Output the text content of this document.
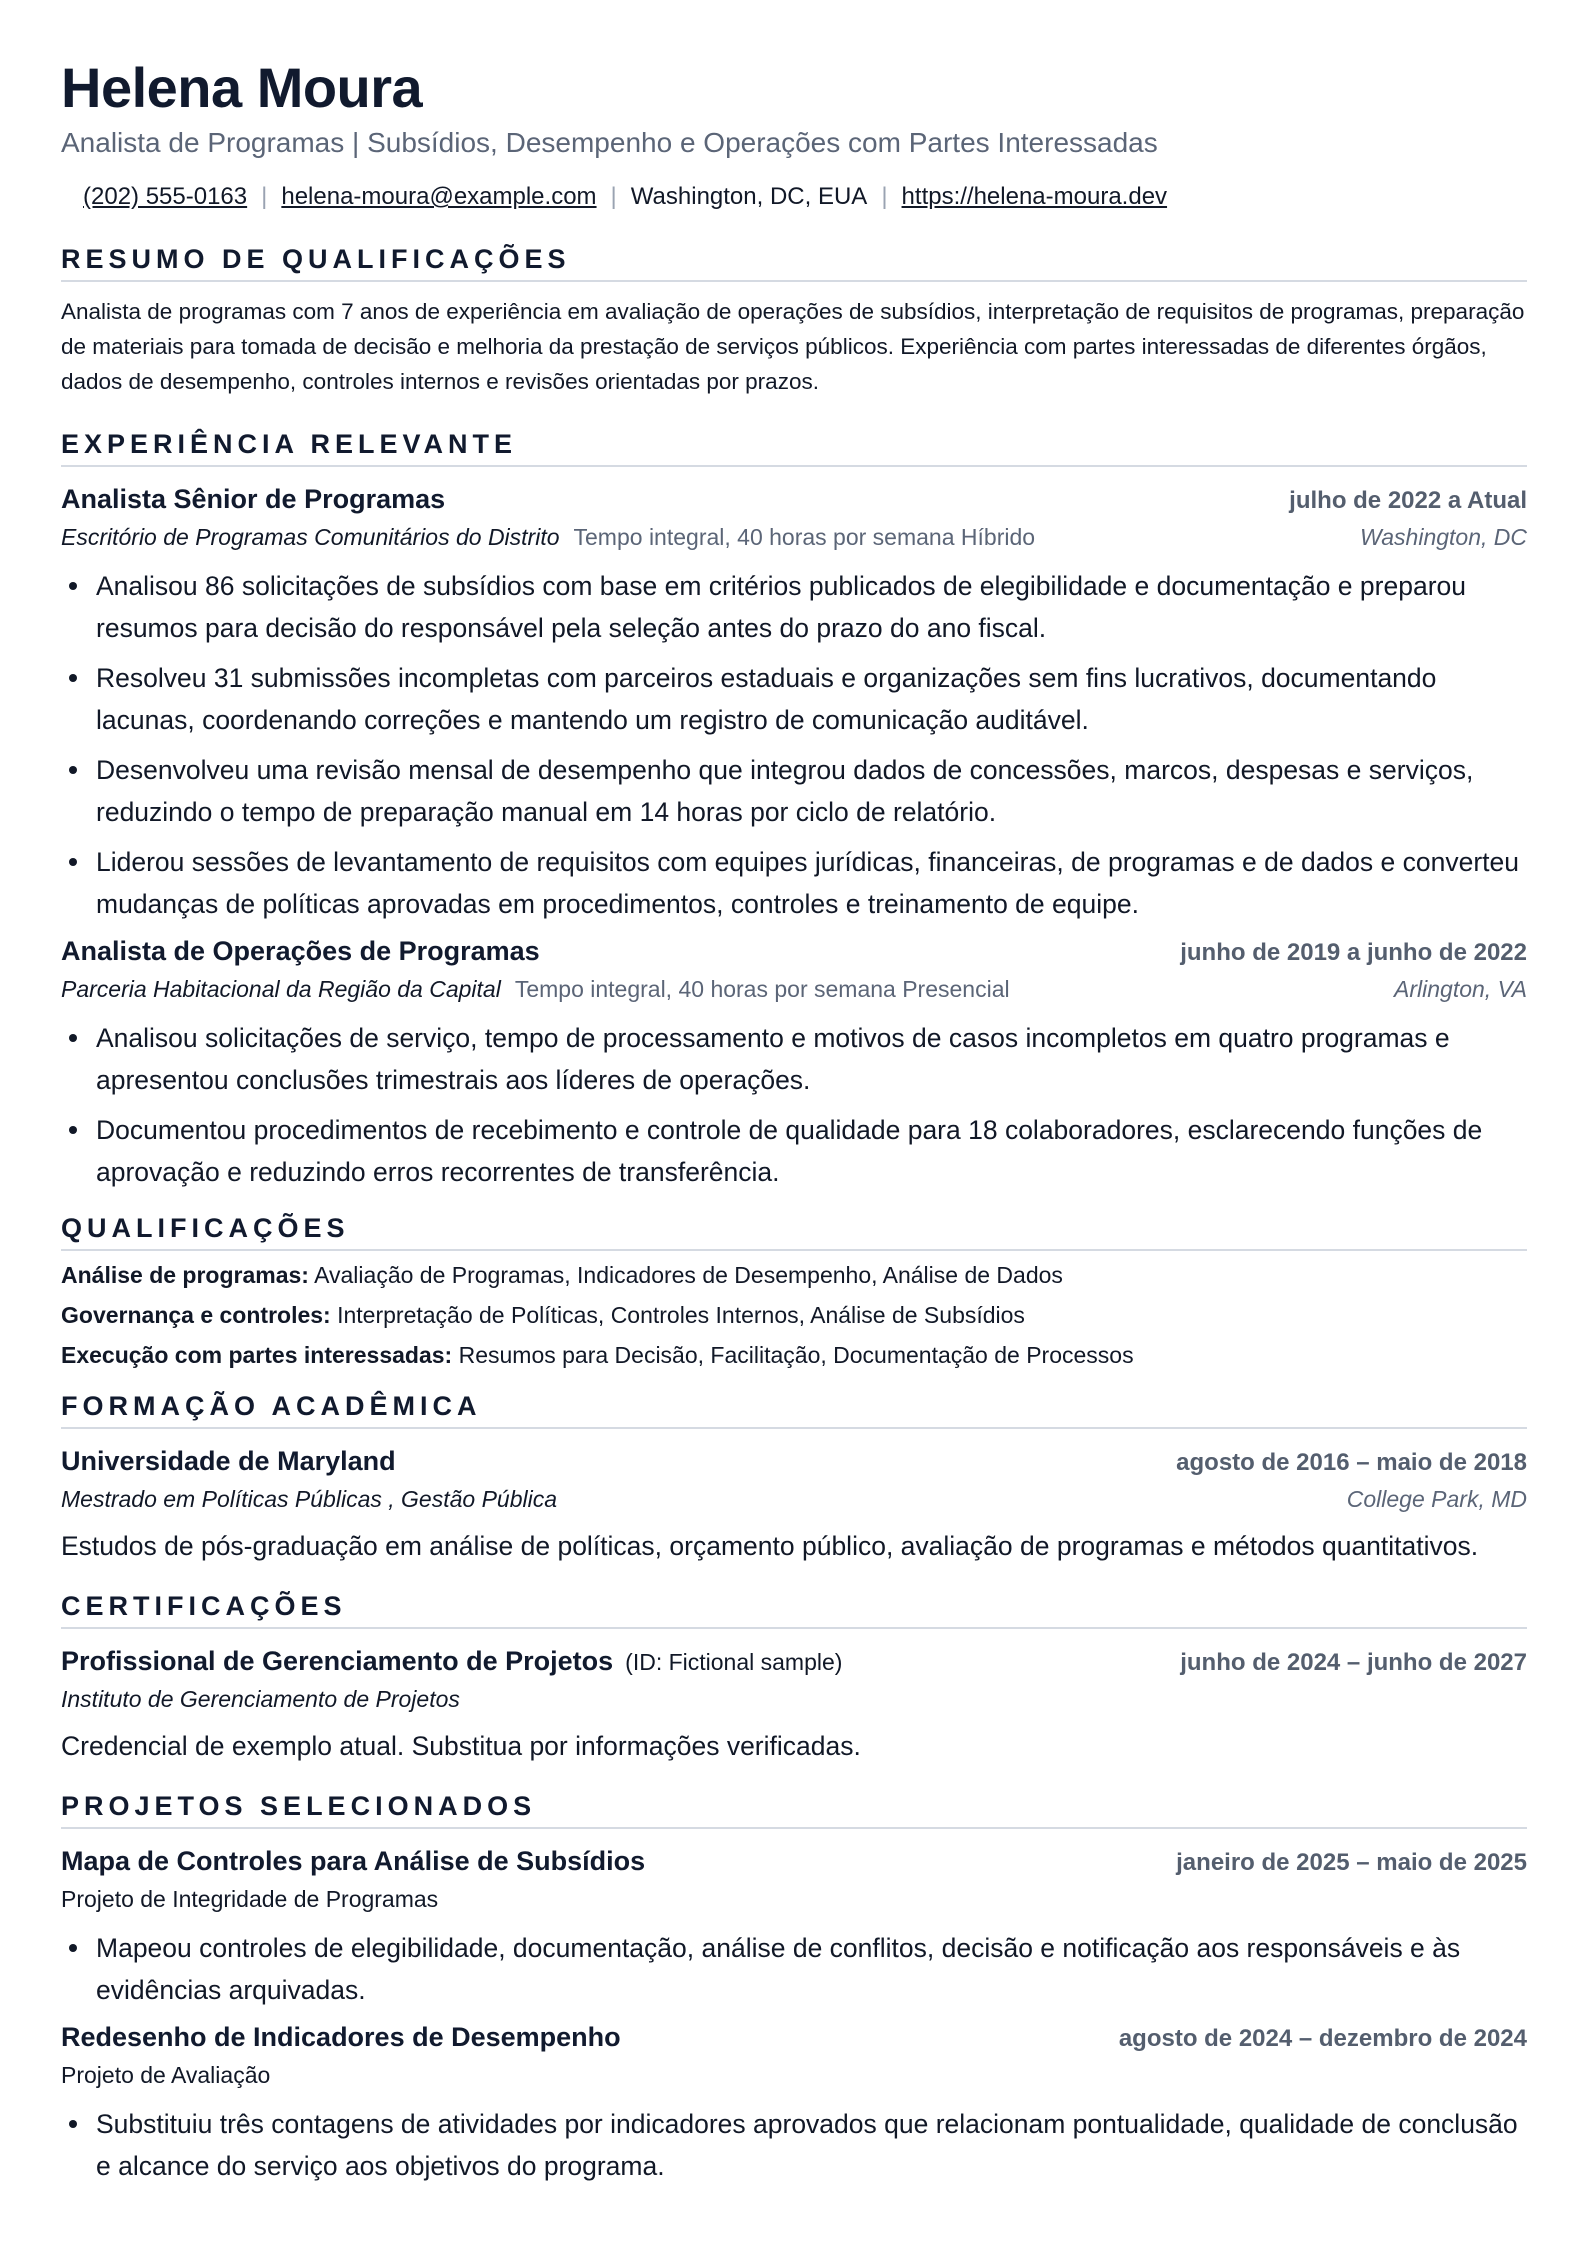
Helena Moura
Analista de Programas | Subsídios, Desempenho e Operações com Partes Interessadas
(202) 555-0163 | helena-moura@example.com | Washington, DC, EUA | https://helena-moura.dev
RESUMO DE QUALIFICAÇÕES

Analista de programas com 7 anos de experiência em avaliação de operações de subsídios, interpretação de requisitos de programas, preparação de materiais para tomada de decisão e melhoria da prestação de serviços públicos. Experiência com partes interessadas de diferentes órgãos, dados de desempenho, controles internos e revisões orientadas por prazos.

EXPERIÊNCIA RELEVANTE
Analista Sênior de Programas	julho de 2022 a Atual
Escritório de Programas Comunitários do Distrito Tempo integral, 40 horas por semana Híbrido	Washington, DC
Analisou 86 solicitações de subsídios com base em critérios publicados de elegibilidade e documentação e preparou resumos para decisão do responsável pela seleção antes do prazo do ano fiscal.
Resolveu 31 submissões incompletas com parceiros estaduais e organizações sem fins lucrativos, documentando lacunas, coordenando correções e mantendo um registro de comunicação auditável.
Desenvolveu uma revisão mensal de desempenho que integrou dados de concessões, marcos, despesas e serviços, reduzindo o tempo de preparação manual em 14 horas por ciclo de relatório.
Liderou sessões de levantamento de requisitos com equipes jurídicas, financeiras, de programas e de dados e converteu mudanças de políticas aprovadas em procedimentos, controles e treinamento de equipe.
Analista de Operações de Programas	junho de 2019 a junho de 2022
Parceria Habitacional da Região da Capital Tempo integral, 40 horas por semana Presencial	Arlington, VA
Analisou solicitações de serviço, tempo de processamento e motivos de casos incompletos em quatro programas e apresentou conclusões trimestrais aos líderes de operações.
Documentou procedimentos de recebimento e controle de qualidade para 18 colaboradores, esclarecendo funções de aprovação e reduzindo erros recorrentes de transferência.
QUALIFICAÇÕES
Análise de programas: Avaliação de Programas, Indicadores de Desempenho, Análise de Dados
Governança e controles: Interpretação de Políticas, Controles Internos, Análise de Subsídios
Execução com partes interessadas: Resumos para Decisão, Facilitação, Documentação de Processos
FORMAÇÃO ACADÊMICA
Universidade de Maryland	agosto de 2016 – maio de 2018
Mestrado em Políticas Públicas , Gestão Pública	College Park, MD

Estudos de pós-graduação em análise de políticas, orçamento público, avaliação de programas e métodos quantitativos.

CERTIFICAÇÕES
Profissional de Gerenciamento de Projetos (ID: Fictional sample)	junho de 2024 – junho de 2027
Instituto de Gerenciamento de Projetos

Credencial de exemplo atual. Substitua por informações verificadas.

PROJETOS SELECIONADOS
Mapa de Controles para Análise de Subsídios	janeiro de 2025 – maio de 2025
Projeto de Integridade de Programas
Mapeou controles de elegibilidade, documentação, análise de conflitos, decisão e notificação aos responsáveis e às evidências arquivadas.
Redesenho de Indicadores de Desempenho	agosto de 2024 – dezembro de 2024
Projeto de Avaliação
Substituiu três contagens de atividades por indicadores aprovados que relacionam pontualidade, qualidade de conclusão e alcance do serviço aos objetivos do programa.
